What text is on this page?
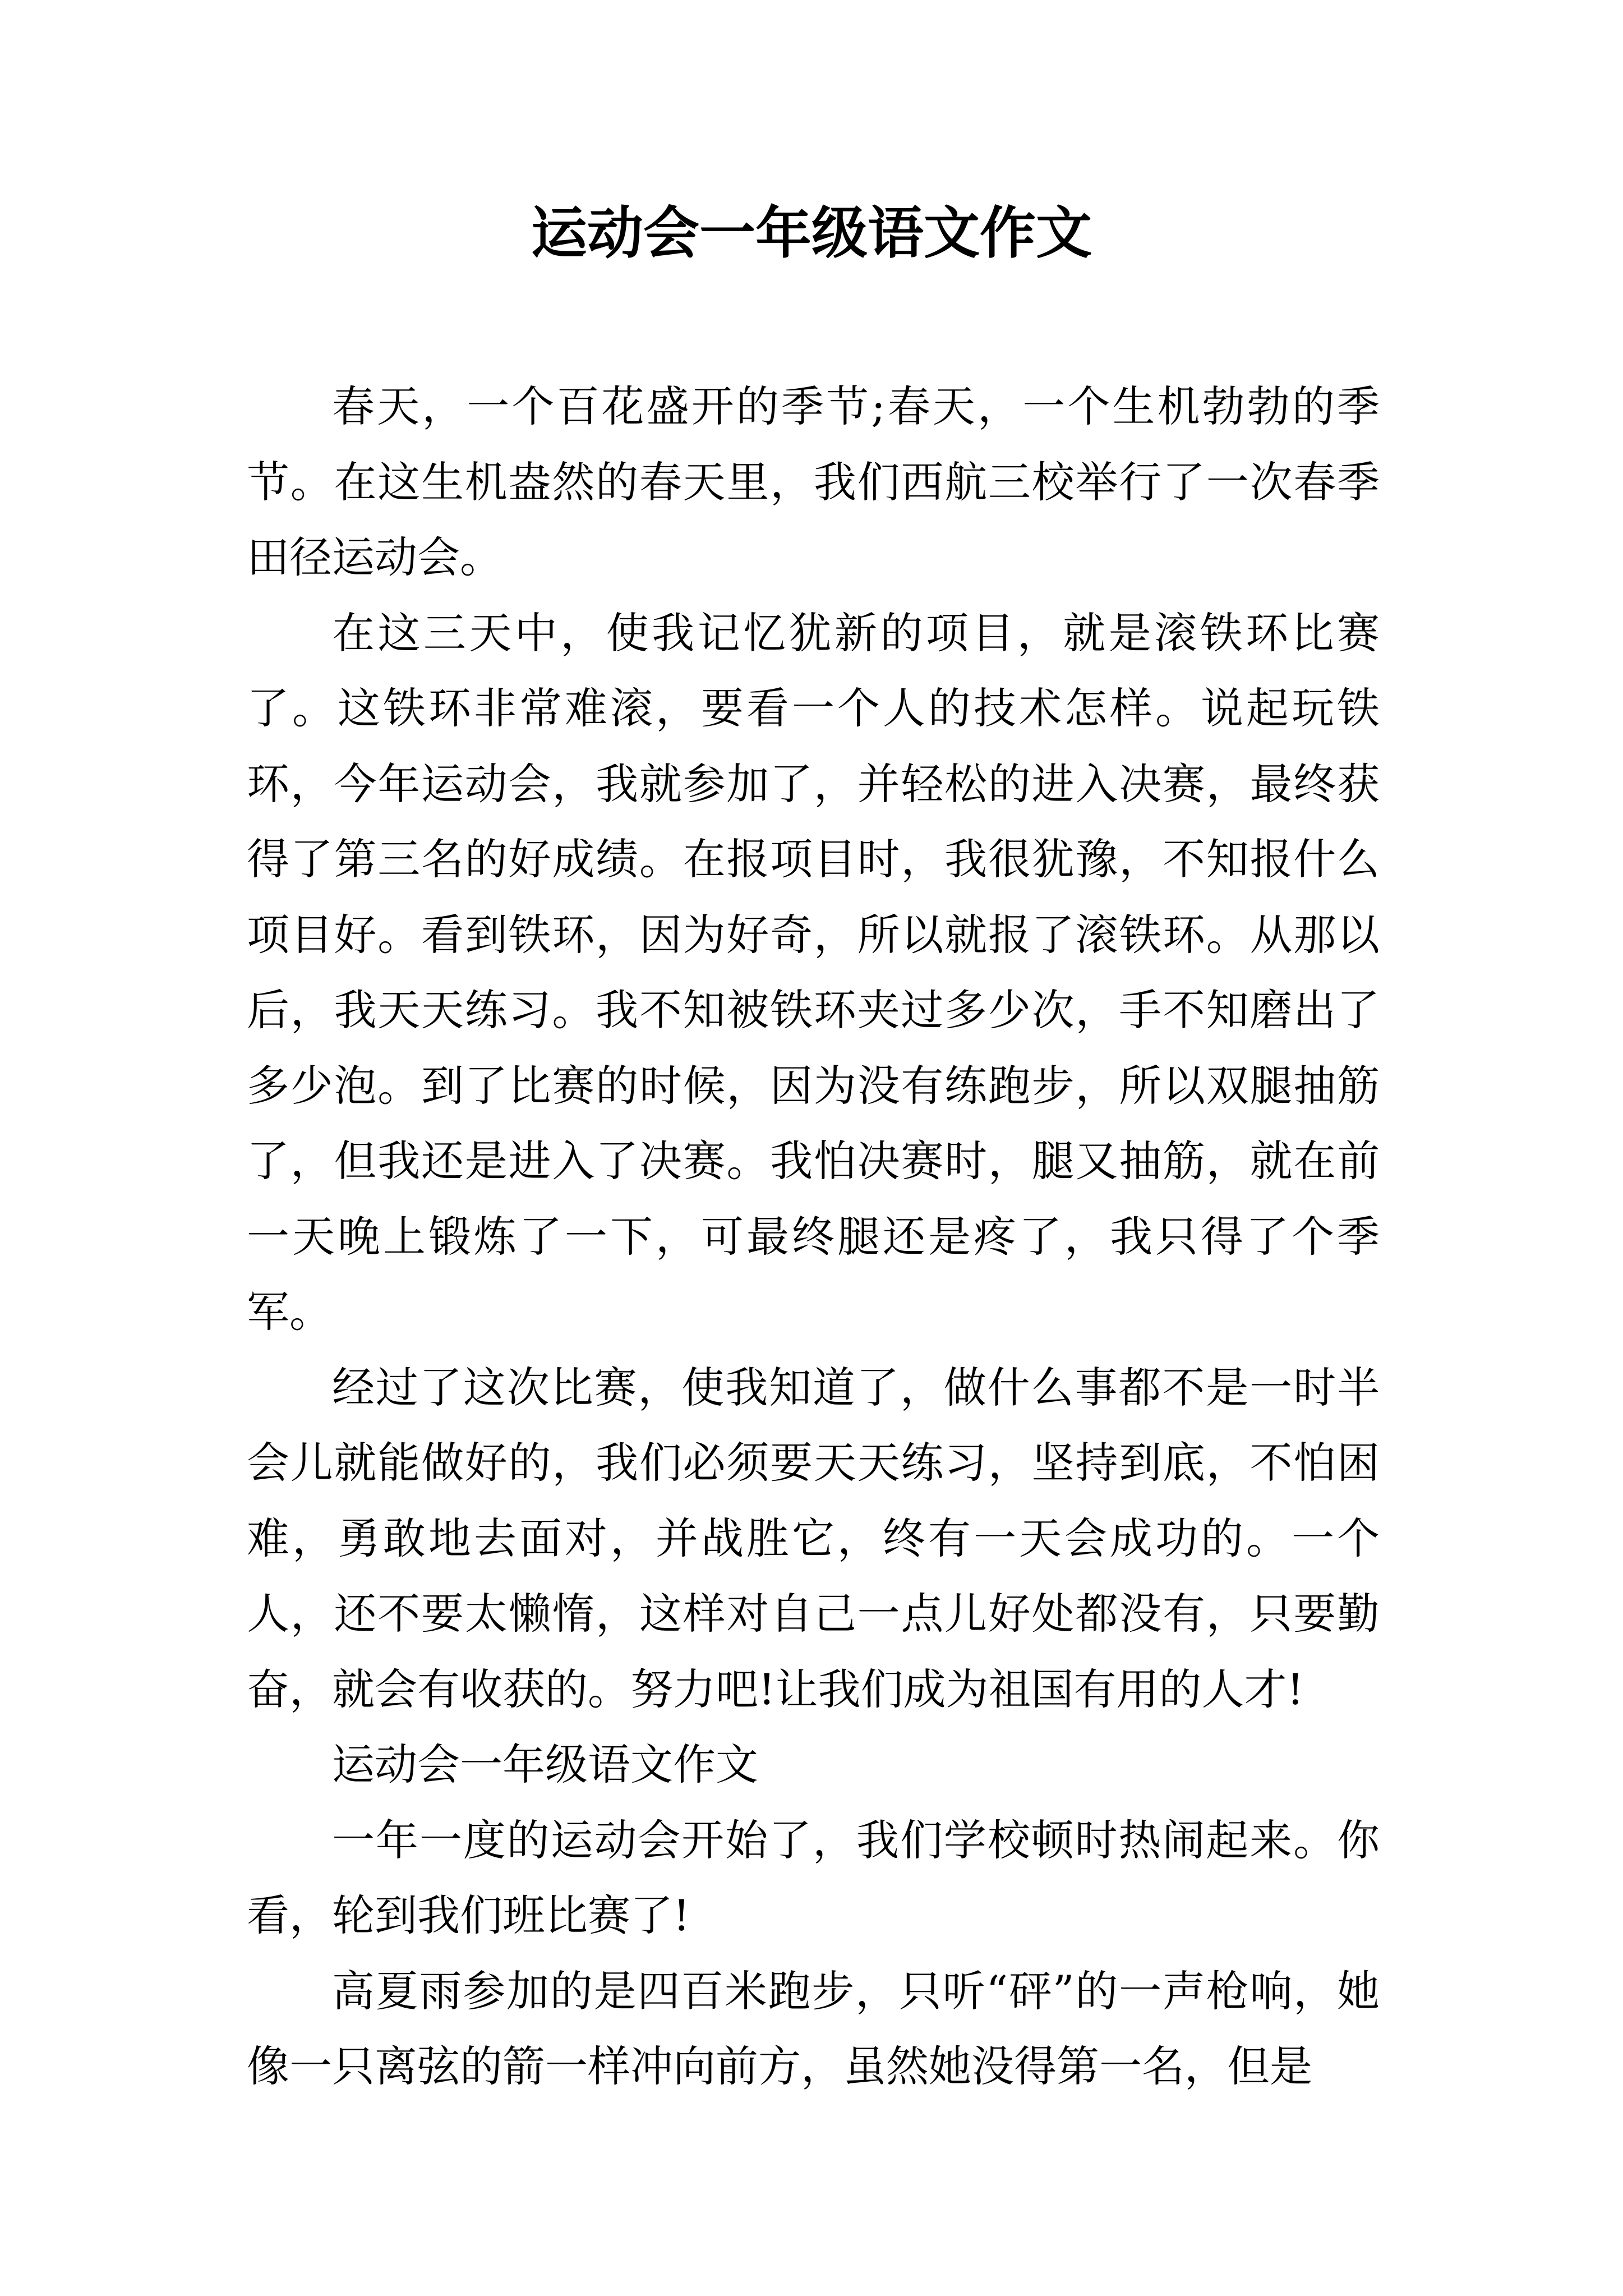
运动会一年级语文作文

春天，一个百花盛开的季节;春天，一个生机勃勃的季节。在这生机盎然的春天里，我们西航三校举行了一次春季田径运动会。

在这三天中，使我记忆犹新的项目，就是滚铁环比赛了。这铁环非常难滚，要看一个人的技术怎样。说起玩铁环，今年运动会，我就参加了，并轻松的进入决赛，最终获得了第三名的好成绩。在报项目时，我很犹豫，不知报什么项目好。看到铁环，因为好奇，所以就报了滚铁环。从那以后，我天天练习。我不知被铁环夹过多少次，手不知磨出了多少泡。到了比赛的时候，因为没有练跑步，所以双腿抽筋了，但我还是进入了决赛。我怕决赛时，腿又抽筋，就在前一天晚上锻炼了一下，可最终腿还是疼了，我只得了个季军。

经过了这次比赛，使我知道了，做什么事都不是一时半会儿就能做好的，我们必须要天天练习，坚持到底，不怕困难，勇敢地去面对，并战胜它，终有一天会成功的。一个人，还不要太懒惰，这样对自己一点儿好处都没有，只要勤奋，就会有收获的。努力吧!让我们成为祖国有用的人才!

运动会一年级语文作文

一年一度的运动会开始了，我们学校顿时热闹起来。你看，轮到我们班比赛了!

高夏雨参加的是四百米跑步，只听“砰”的一声枪响，她像一只离弦的箭一样冲向前方，虽然她没得第一名，但是
